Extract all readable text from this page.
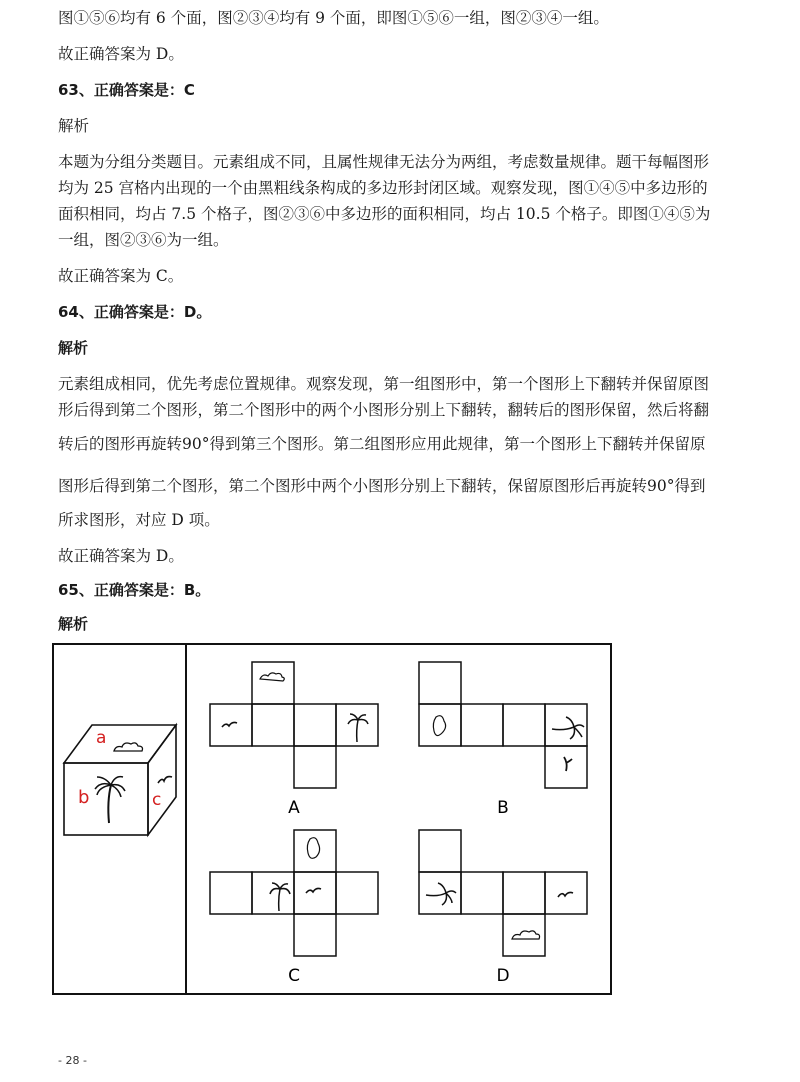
图①⑤⑥均有 6 个面，图②③④均有 9 个面，即图①⑤⑥一组，图②③④一组。
故正确答案为 D。
63、正确答案是：C
解析
本题为分组分类题目。元素组成不同，且属性规律无法分为两组，考虑数量规律。题干每幅图形
均为 25 宫格内出现的一个由黑粗线条构成的多边形封闭区域。观察发现，图①④⑤中多边形的
面积相同，均占 7.5 个格子，图②③⑥中多边形的面积相同，均占 10.5 个格子。即图①④⑤为
一组，图②③⑥为一组。
故正确答案为 C。
64、正确答案是：D。
解析
元素组成相同，优先考虑位置规律。观察发现，第一组图形中，第一个图形上下翻转并保留原图
形后得到第二个图形，第二个图形中的两个小图形分别上下翻转，翻转后的图形保留，然后将翻
转后的图形再旋转90°得到第三个图形。第二组图形应用此规律，第一个图形上下翻转并保留原
图形后得到第二个图形，第二个图形中两个小图形分别上下翻转，保留原图形后再旋转90°得到
所求图形，对应 D 项。
故正确答案为 D。
65、正确答案是：B。
解析
a
b	c	A	B
C	D
- 28 -
